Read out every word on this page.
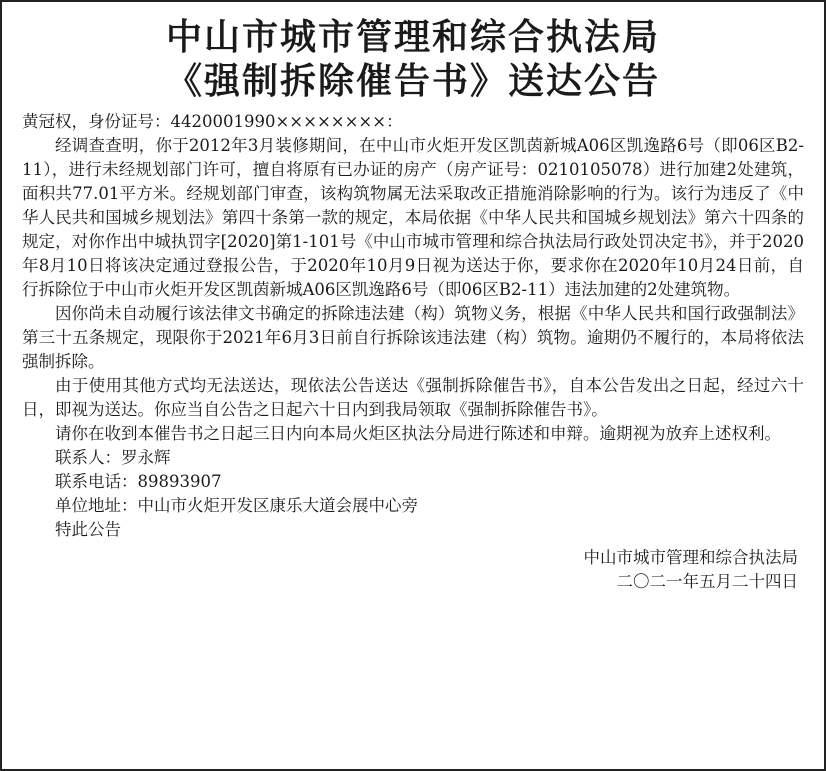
中山市城市管理和综合执法局
《强制拆除催告书》送达公告

黄冠权，身份证号：4420001990××××××××：

经调查查明，你于2012年3月装修期间，在中山市火炬开发区凯茵新城A06区凯逸路6号（即06区B2-11），进行未经规划部门许可，擅自将原有已办证的房产（房产证号：0210105078）进行加建2处建筑，面积共77.01平方米。经规划部门审查，该构筑物属无法采取改正措施消除影响的行为。该行为违反了《中华人民共和国城乡规划法》第四十条第一款的规定，本局依据《中华人民共和国城乡规划法》第六十四条的规定，对你作出中城执罚字[2020]第1-101号《中山市城市管理和综合执法局行政处罚决定书》，并于2020年8月10日将该决定通过登报公告，于2020年10月9日视为送达于你，要求你在2020年10月24日前，自行拆除位于中山市火炬开发区凯茵新城A06区凯逸路6号（即06区B2-11）违法加建的2处建筑物。

因你尚未自动履行该法律文书确定的拆除违法建（构）筑物义务，根据《中华人民共和国行政强制法》第三十五条规定，现限你于2021年6月3日前自行拆除该违法建（构）筑物。逾期仍不履行的，本局将依法强制拆除。

由于使用其他方式均无法送达，现依法公告送达《强制拆除催告书》，自本公告发出之日起，经过六十日，即视为送达。你应当自公告之日起六十日内到我局领取《强制拆除催告书》。

请你在收到本催告书之日起三日内向本局火炬区执法分局进行陈述和申辩。逾期视为放弃上述权利。

联系人：罗永辉

联系电话：89893907

单位地址：中山市火炬开发区康乐大道会展中心旁

特此公告

中山市城市管理和综合执法局
二〇二一年五月二十四日
